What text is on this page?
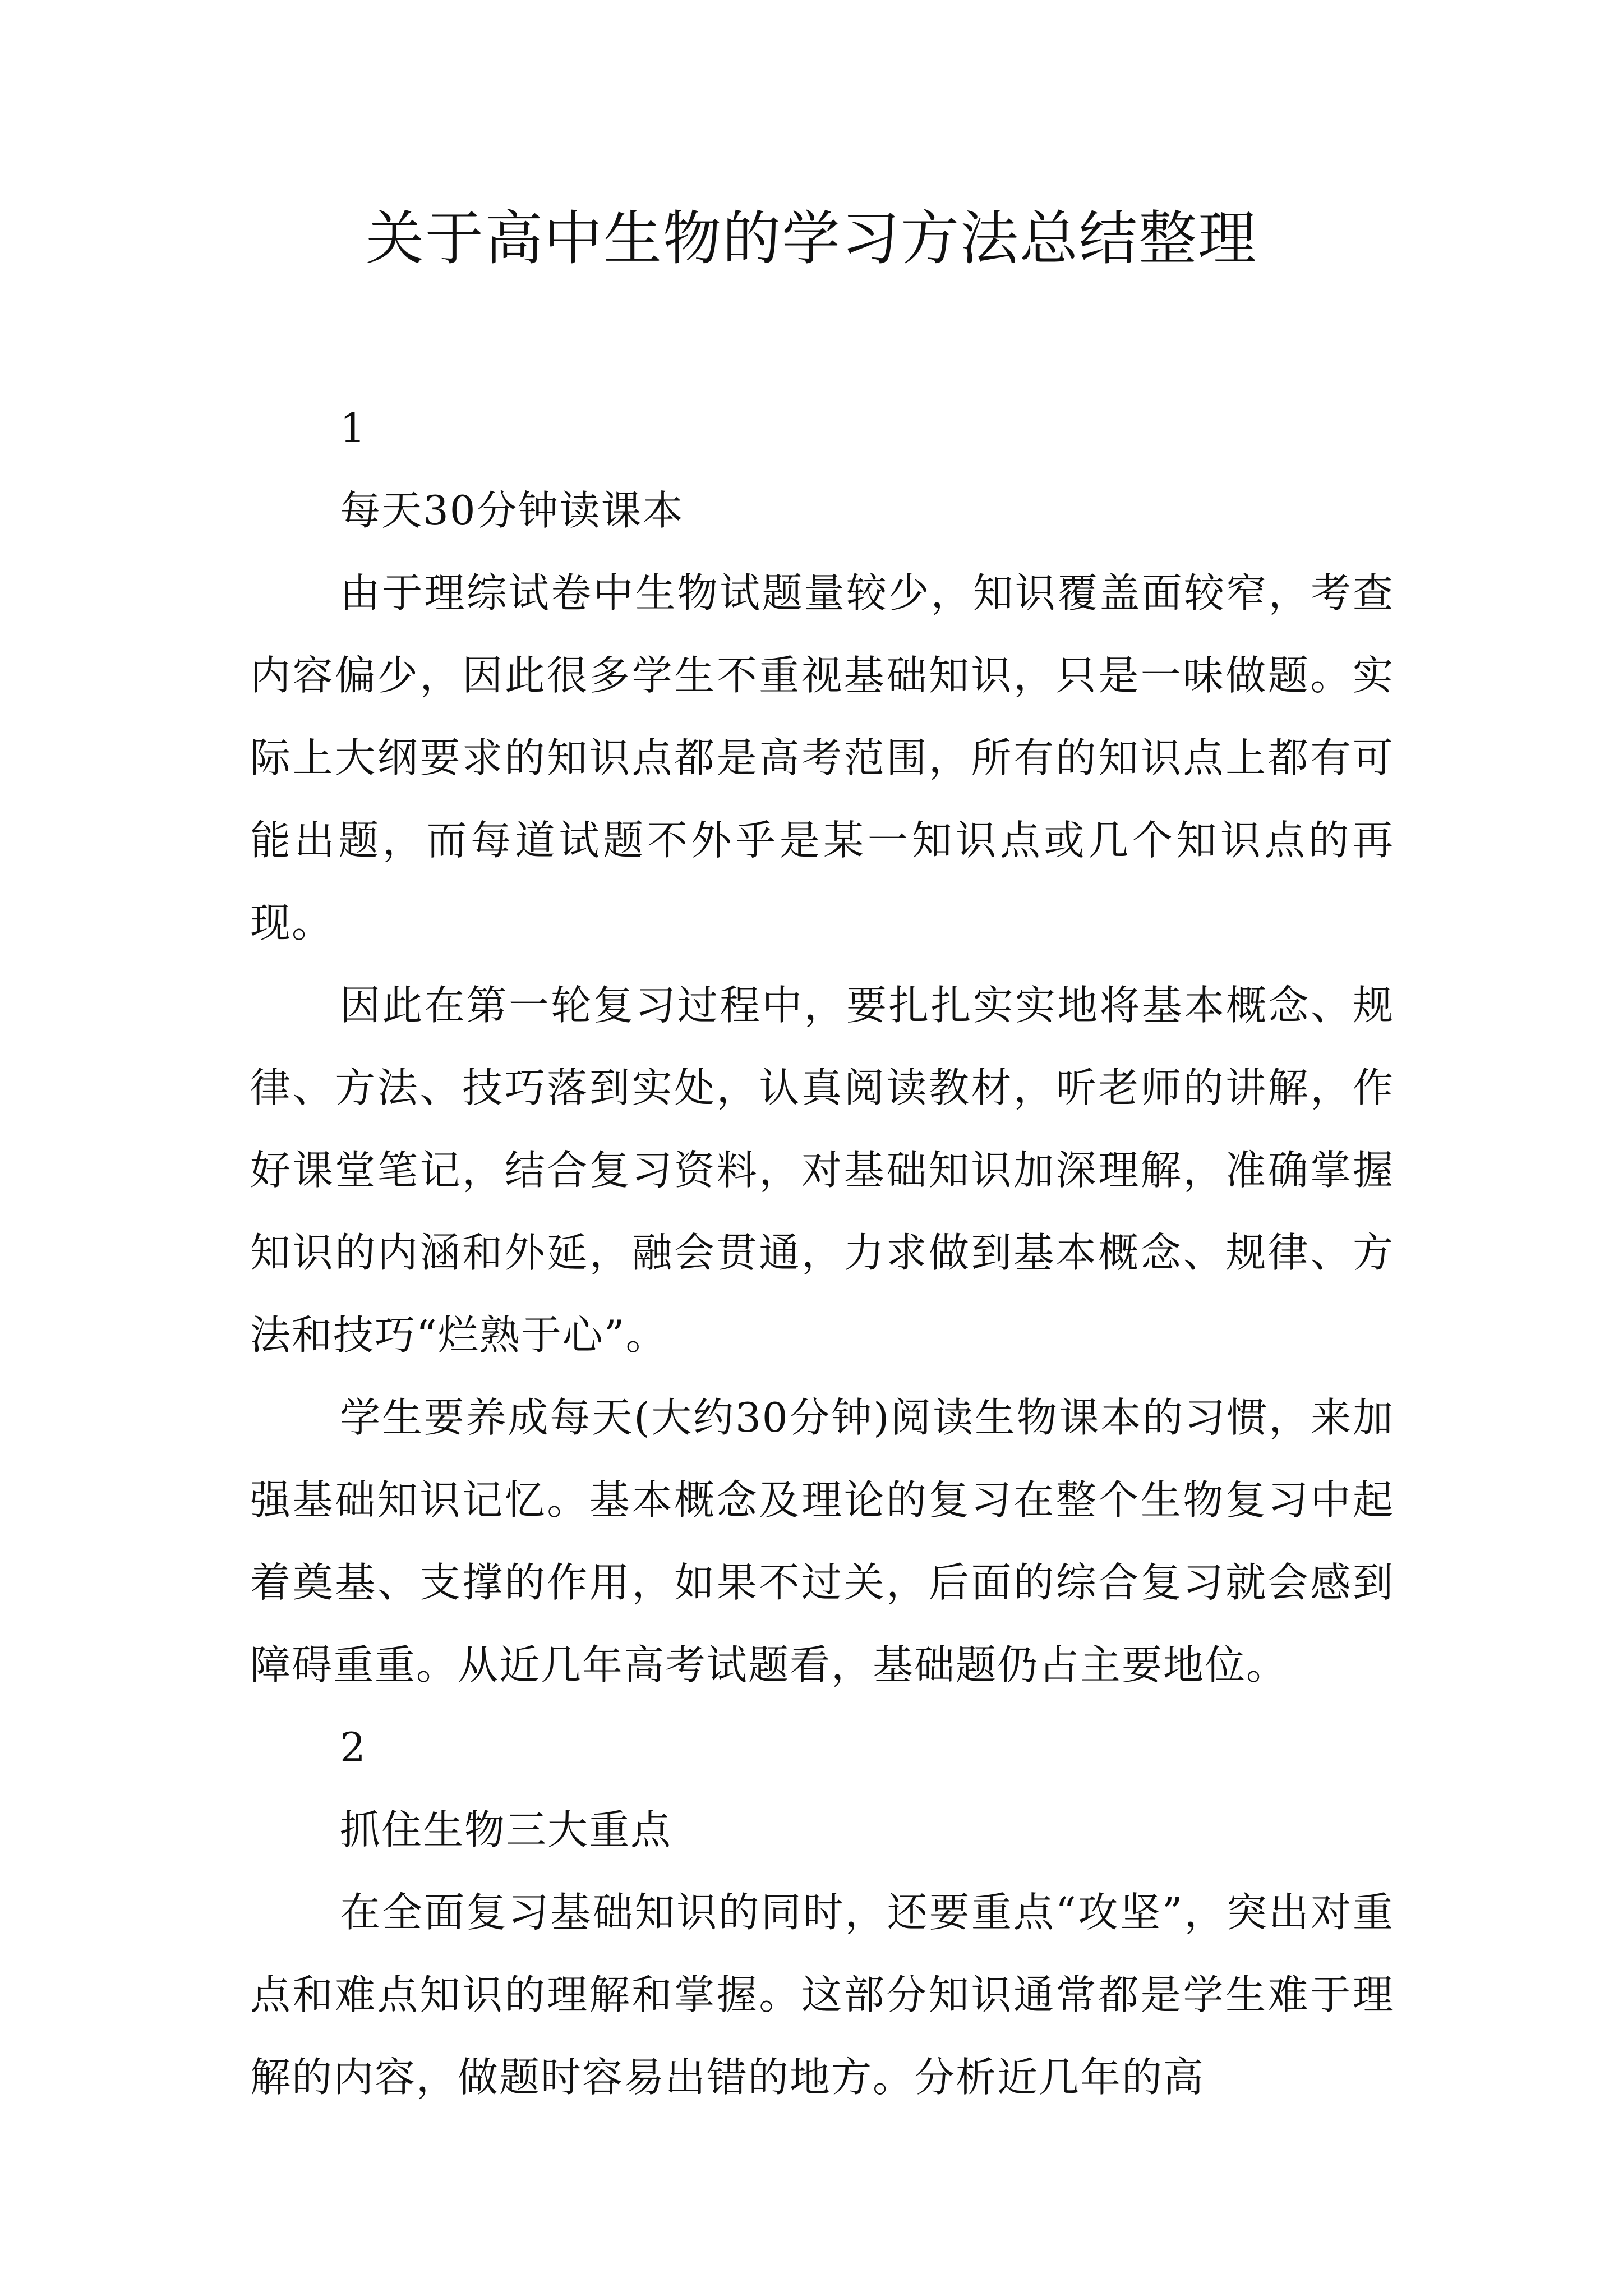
关于高中生物的学习方法总结整理

1

每天30分钟读课本

由于理综试卷中生物试题量较少，知识覆盖面较窄，考查内容偏少，因此很多学生不重视基础知识，只是一味做题。实际上大纲要求的知识点都是高考范围，所有的知识点上都有可能出题，而每道试题不外乎是某一知识点或几个知识点的再现。

因此在第一轮复习过程中，要扎扎实实地将基本概念、规律、方法、技巧落到实处，认真阅读教材，听老师的讲解，作好课堂笔记，结合复习资料，对基础知识加深理解，准确掌握知识的内涵和外延，融会贯通，力求做到基本概念、规律、方法和技巧“烂熟于心”。

学生要养成每天(大约30分钟)阅读生物课本的习惯，来加强基础知识记忆。基本概念及理论的复习在整个生物复习中起着奠基、支撑的作用，如果不过关，后面的综合复习就会感到障碍重重。从近几年高考试题看，基础题仍占主要地位。

2

抓住生物三大重点

在全面复习基础知识的同时，还要重点“攻坚”，突出对重点和难点知识的理解和掌握。这部分知识通常都是学生难于理解的内容，做题时容易出错的地方。分析近几年的高
